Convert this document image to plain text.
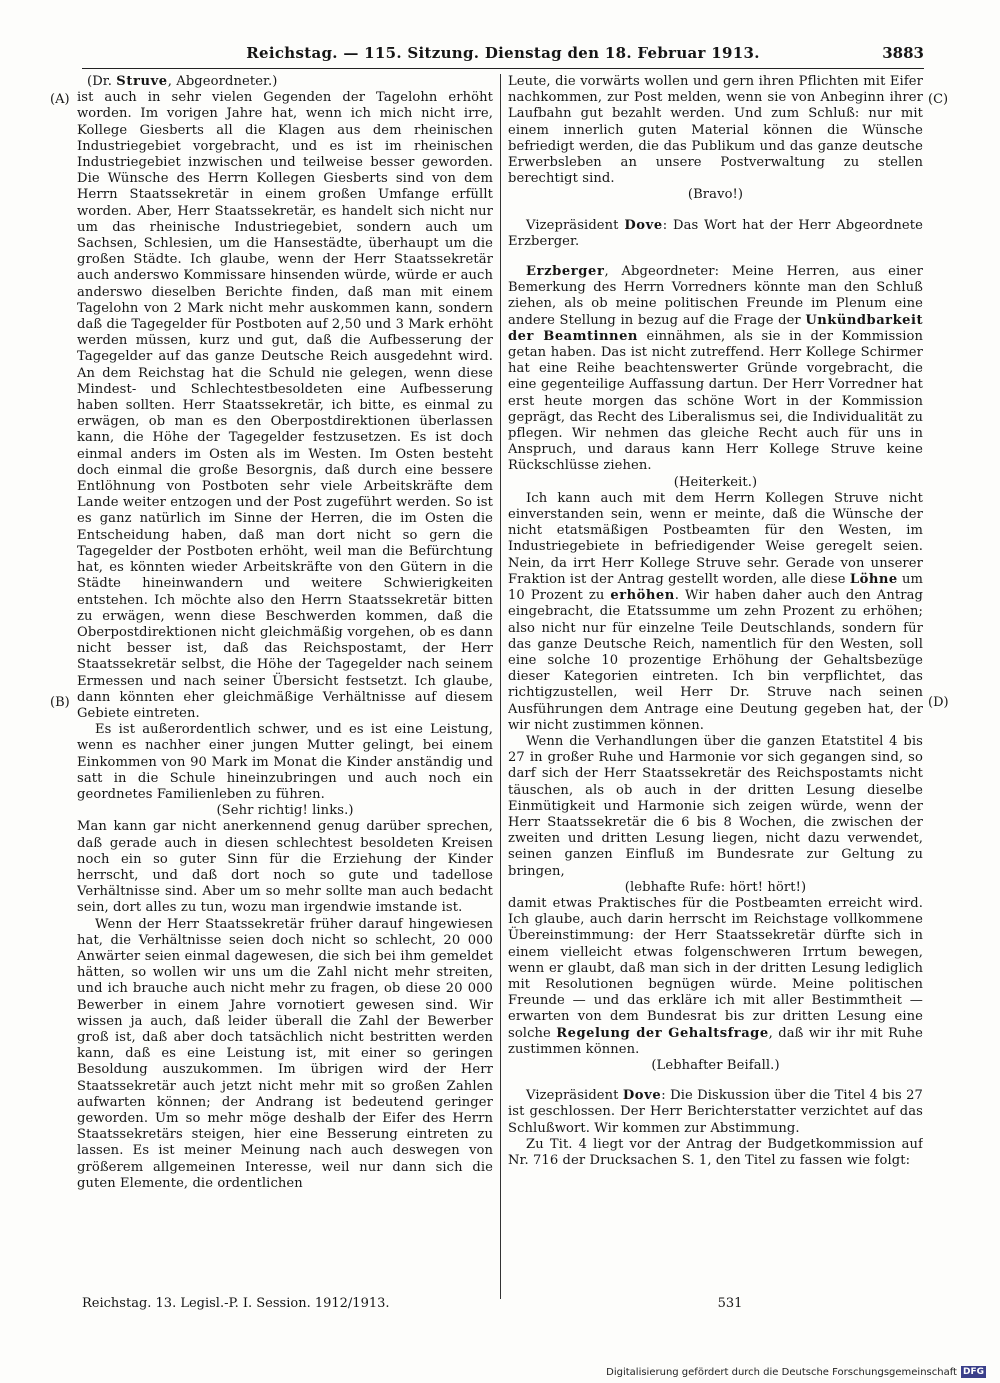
Reichstag. — 115. Sitzung. Dienstag den 18. Februar 1913.	3883
(A)
(B)
(C)
(D)

(Dr. Struve, Abgeordneter.)

ist auch in sehr vielen Gegenden der Tagelohn erhöht worden. Im vorigen Jahre hat, wenn ich mich nicht irre, Kollege Giesberts all die Klagen aus dem rheinischen Industriegebiet vorgebracht, und es ist im rheinischen Industriegebiet inzwischen und teilweise besser geworden. Die Wünsche des Herrn Kollegen Giesberts sind von dem Herrn Staatssekretär in einem großen Umfange erfüllt worden. Aber, Herr Staatssekretär, es handelt sich nicht nur um das rheinische Industriegebiet, sondern auch um Sachsen, Schlesien, um die Hansestädte, überhaupt um die großen Städte. Ich glaube, wenn der Herr Staatssekretär auch anderswo Kommissare hinsenden würde, würde er auch anderswo dieselben Berichte finden, daß man mit einem Tagelohn von 2 Mark nicht mehr auskommen kann, sondern daß die Tagegelder für Postboten auf 2,50 und 3 Mark erhöht werden müssen, kurz und gut, daß die Aufbesserung der Tagegelder auf das ganze Deutsche Reich ausgedehnt wird. An dem Reichstag hat die Schuld nie gelegen, wenn diese Mindest- und Schlechtestbesoldeten eine Aufbesserung haben sollten. Herr Staatssekretär, ich bitte, es einmal zu erwägen, ob man es den Oberpostdirektionen überlassen kann, die Höhe der Tagegelder festzusetzen. Es ist doch einmal anders im Osten als im Westen. Im Osten besteht doch einmal die große Besorgnis, daß durch eine bessere Entlöhnung von Postboten sehr viele Arbeitskräfte dem Lande weiter entzogen und der Post zugeführt werden. So ist es ganz natürlich im Sinne der Herren, die im Osten die Entscheidung haben, daß man dort nicht so gern die Tagegelder der Postboten erhöht, weil man die Befürchtung hat, es könnten wieder Arbeitskräfte von den Gütern in die Städte hineinwandern und weitere Schwierigkeiten entstehen. Ich möchte also den Herrn Staatssekretär bitten zu erwägen, wenn diese Beschwerden kommen, daß die Oberpostdirektionen nicht gleichmäßig vorgehen, ob es dann nicht besser ist, daß das Reichspostamt, der Herr Staatssekretär selbst, die Höhe der Tagegelder nach seinem Ermessen und nach seiner Übersicht festsetzt. Ich glaube, dann könnten eher gleichmäßige Verhältnisse auf diesem Gebiete eintreten.

Es ist außerordentlich schwer, und es ist eine Leistung, wenn es nachher einer jungen Mutter gelingt, bei einem Einkommen von 90 Mark im Monat die Kinder anständig und satt in die Schule hineinzubringen und auch noch ein geordnetes Familienleben zu führen.

(Sehr richtig! links.)

Man kann gar nicht anerkennend genug darüber sprechen, daß gerade auch in diesen schlechtest besoldeten Kreisen noch ein so guter Sinn für die Erziehung der Kinder herrscht, und daß dort noch so gute und tadellose Verhältnisse sind. Aber um so mehr sollte man auch bedacht sein, dort alles zu tun, wozu man irgendwie imstande ist.

Wenn der Herr Staatssekretär früher darauf hingewiesen hat, die Verhältnisse seien doch nicht so schlecht, 20 000 Anwärter seien einmal dagewesen, die sich bei ihm gemeldet hätten, so wollen wir uns um die Zahl nicht mehr streiten, und ich brauche auch nicht mehr zu fragen, ob diese 20 000 Bewerber in einem Jahre vornotiert gewesen sind. Wir wissen ja auch, daß leider überall die Zahl der Bewerber groß ist, daß aber doch tatsächlich nicht bestritten werden kann, daß es eine Leistung ist, mit einer so geringen Besoldung auszukommen. Im übrigen wird der Herr Staatssekretär auch jetzt nicht mehr mit so großen Zahlen aufwarten können; der Andrang ist bedeutend geringer geworden. Um so mehr möge deshalb der Eifer des Herrn Staatssekretärs steigen, hier eine Besserung eintreten zu lassen. Es ist meiner Meinung nach auch deswegen von größerem allgemeinen Interesse, weil nur dann sich die guten Elemente, die ordentlichen

Leute, die vorwärts wollen und gern ihren Pflichten mit Eifer nachkommen, zur Post melden, wenn sie von Anbeginn ihrer Laufbahn gut bezahlt werden. Und zum Schluß: nur mit einem innerlich guten Material können die Wünsche befriedigt werden, die das Publikum und das ganze deutsche Erwerbsleben an unsere Postverwaltung zu stellen berechtigt sind.

(Bravo!)

Vizepräsident Dove: Das Wort hat der Herr Abgeordnete Erzberger.

Erzberger, Abgeordneter: Meine Herren, aus einer Bemerkung des Herrn Vorredners könnte man den Schluß ziehen, als ob meine politischen Freunde im Plenum eine andere Stellung in bezug auf die Frage der Unkündbarkeit der Beamtinnen einnähmen, als sie in der Kommission getan haben. Das ist nicht zutreffend. Herr Kollege Schirmer hat eine Reihe beachtenswerter Gründe vorgebracht, die eine gegenteilige Auffassung dartun. Der Herr Vorredner hat erst heute morgen das schöne Wort in der Kommission geprägt, das Recht des Liberalismus sei, die Individualität zu pflegen. Wir nehmen das gleiche Recht auch für uns in Anspruch, und daraus kann Herr Kollege Struve keine Rückschlüsse ziehen.

(Heiterkeit.)

Ich kann auch mit dem Herrn Kollegen Struve nicht einverstanden sein, wenn er meinte, daß die Wünsche der nicht etatsmäßigen Postbeamten für den Westen, im Industriegebiete in befriedigender Weise geregelt seien. Nein, da irrt Herr Kollege Struve sehr. Gerade von unserer Fraktion ist der Antrag gestellt worden, alle diese Löhne um 10 Prozent zu erhöhen. Wir haben daher auch den Antrag eingebracht, die Etatssumme um zehn Prozent zu erhöhen; also nicht nur für einzelne Teile Deutschlands, sondern für das ganze Deutsche Reich, namentlich für den Westen, soll eine solche 10 prozentige Erhöhung der Gehaltsbezüge dieser Kategorien eintreten. Ich bin verpflichtet, das richtigzustellen, weil Herr Dr. Struve nach seinen Ausführungen dem Antrage eine Deutung gegeben hat, der wir nicht zustimmen können.

Wenn die Verhandlungen über die ganzen Etatstitel 4 bis 27 in großer Ruhe und Harmonie vor sich gegangen sind, so darf sich der Herr Staatssekretär des Reichspostamts nicht täuschen, als ob auch in der dritten Lesung dieselbe Einmütigkeit und Harmonie sich zeigen würde, wenn der Herr Staatssekretär die 6 bis 8 Wochen, die zwischen der zweiten und dritten Lesung liegen, nicht dazu verwendet, seinen ganzen Einfluß im Bundesrate zur Geltung zu bringen,

(lebhafte Rufe: hört! hört!)

damit etwas Praktisches für die Postbeamten erreicht wird. Ich glaube, auch darin herrscht im Reichstage vollkommene Übereinstimmung: der Herr Staatssekretär dürfte sich in einem vielleicht etwas folgenschweren Irrtum bewegen, wenn er glaubt, daß man sich in der dritten Lesung lediglich mit Resolutionen begnügen würde. Meine politischen Freunde — und das erkläre ich mit aller Bestimmtheit — erwarten von dem Bundesrat bis zur dritten Lesung eine solche Regelung der Gehaltsfrage, daß wir ihr mit Ruhe zustimmen können.

(Lebhafter Beifall.)

Vizepräsident Dove: Die Diskussion über die Titel 4 bis 27 ist geschlossen. Der Herr Berichterstatter verzichtet auf das Schlußwort. Wir kommen zur Abstimmung.

Zu Tit. 4 liegt vor der Antrag der Budgetkommission auf Nr. 716 der Drucksachen S. 1, den Titel zu fassen wie folgt:

Reichstag. 13. Legisl.-P. I. Session. 1912/1913.	531
Digitalisierung gefördert durch die Deutsche Forschungsgemeinschaft DFG
